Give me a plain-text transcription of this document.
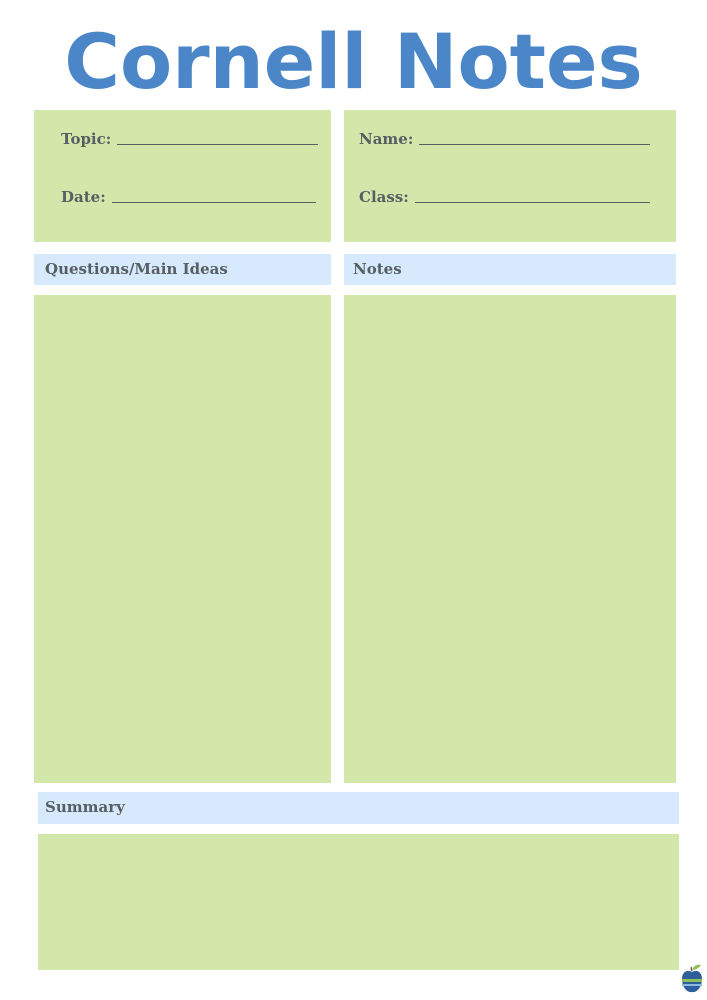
Cornell Notes
Topic:
Date:
Name:
Class:
Questions/Main Ideas	Notes
Summary
